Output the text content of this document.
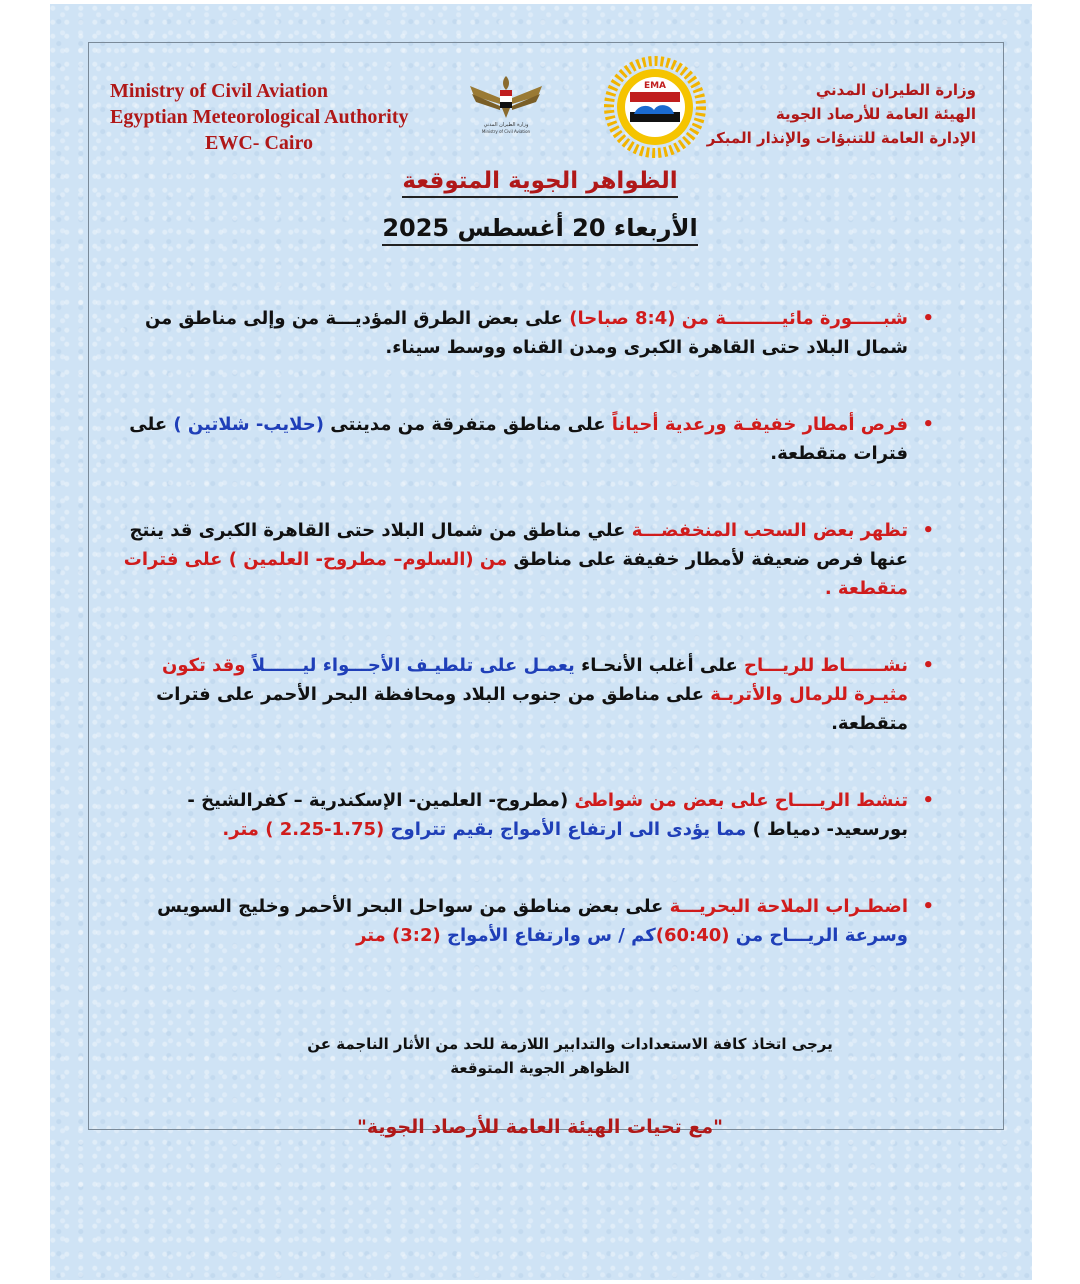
Ministry of Civil Aviation
Egyptian Meteorological Authority
EWC- Cairo
وزارة الطيران المدني
Ministry of Civil Aviation
EMA	وزارة الطيران المدني
الهيئة العامة للأرصاد الجوية
الإدارة العامة للتنبؤات والإنذار المبكر
الظواهر الجوية المتوقعة
الأربعاء 20 أغسطس 2025
•
شبـــــورة مائيـــــــــة من (8:4 صباحا) على بعض الطرق المؤديـــة من وإلى مناطق من شمال البلاد حتى القاهرة الكبرى ومدن القناه ووسط سيناء.
•
فرص أمطار خفيفـة ورعدية أحياناً على مناطق متفرقة من مدينتى (حلايب- شلاتين ) على فترات متقطعة.
•
تظهر بعض السحب المنخفضـــة علي مناطق من شمال البلاد حتى القاهرة الكبرى قد ينتج عنها فرص ضعيفة لأمطار خفيفة على مناطق من (السلوم– مطروح- العلمين ) على فترات متقطعة .
•
نشــــــاط للريـــاح على أغلب الأنحـاء يعمـل على تلطيـف الأجـــواء ليــــــلاً وقد تكون مثيـرة للرمال والأتربـة على مناطق من جنوب البلاد ومحافظة البحر الأحمر على فترات متقطعة.
•
تنشط الريــــاح على بعض من شواطئ (مطروح- العلمين- الإسكندرية – كفرالشيخ - بورسعيد- دمياط ) مما يؤدى الى ارتفاع الأمواج بقيم تتراوح (1.75-2.25 ) متر.
•
اضطـراب الملاحة البحريـــة على بعض مناطق من سواحل البحر الأحمر وخليج السويس وسرعة الريـــاح من (60:40)كم / س وارتفاع الأمواج (3:2) متر
يرجى اتخاذ كافة الاستعدادات والتدابير اللازمة للحد من الأثار الناجمة عن
الظواهر الجوية المتوقعة
"مع تحيات الهيئة العامة للأرصاد الجوية"
